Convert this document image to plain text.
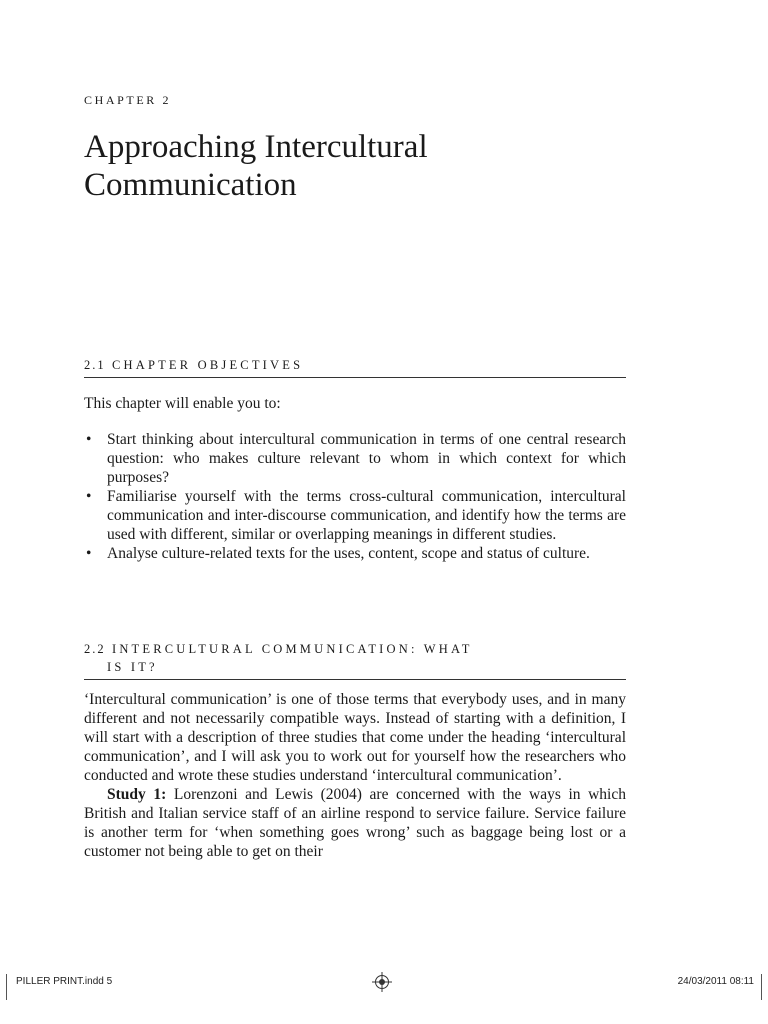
CHAPTER 2
Approaching Intercultural
Communication
2.1 CHAPTER OBJECTIVES
This chapter will enable you to:
• Start thinking about intercultural communication in terms of one central research question: who makes culture relevant to whom in which context for which purposes?
• Familiarise yourself with the terms cross-cultural communication, intercultural communication and inter-discourse communication, and identify how the terms are used with different, similar or overlapping meanings in different studies.
• Analyse culture-related texts for the uses, content, scope and status of culture.
2.2 INTERCULTURAL COMMUNICATION: WHAT
IS IT?

‘Intercultural communication’ is one of those terms that everybody uses, and in many different and not necessarily compatible ways. Instead of starting with a definition, I will start with a description of three studies that come under the heading ‘intercultural communication’, and I will ask you to work out for yourself how the researchers who conducted and wrote these studies understand ‘intercultural communication’.

Study 1: Lorenzoni and Lewis (2004) are concerned with the ways in which British and Italian service staff of an airline respond to service failure. Service failure is another term for ‘when something goes wrong’ such as baggage being lost or a customer not being able to get on their

PILLER PRINT.indd 5	24/03/2011 08:11
